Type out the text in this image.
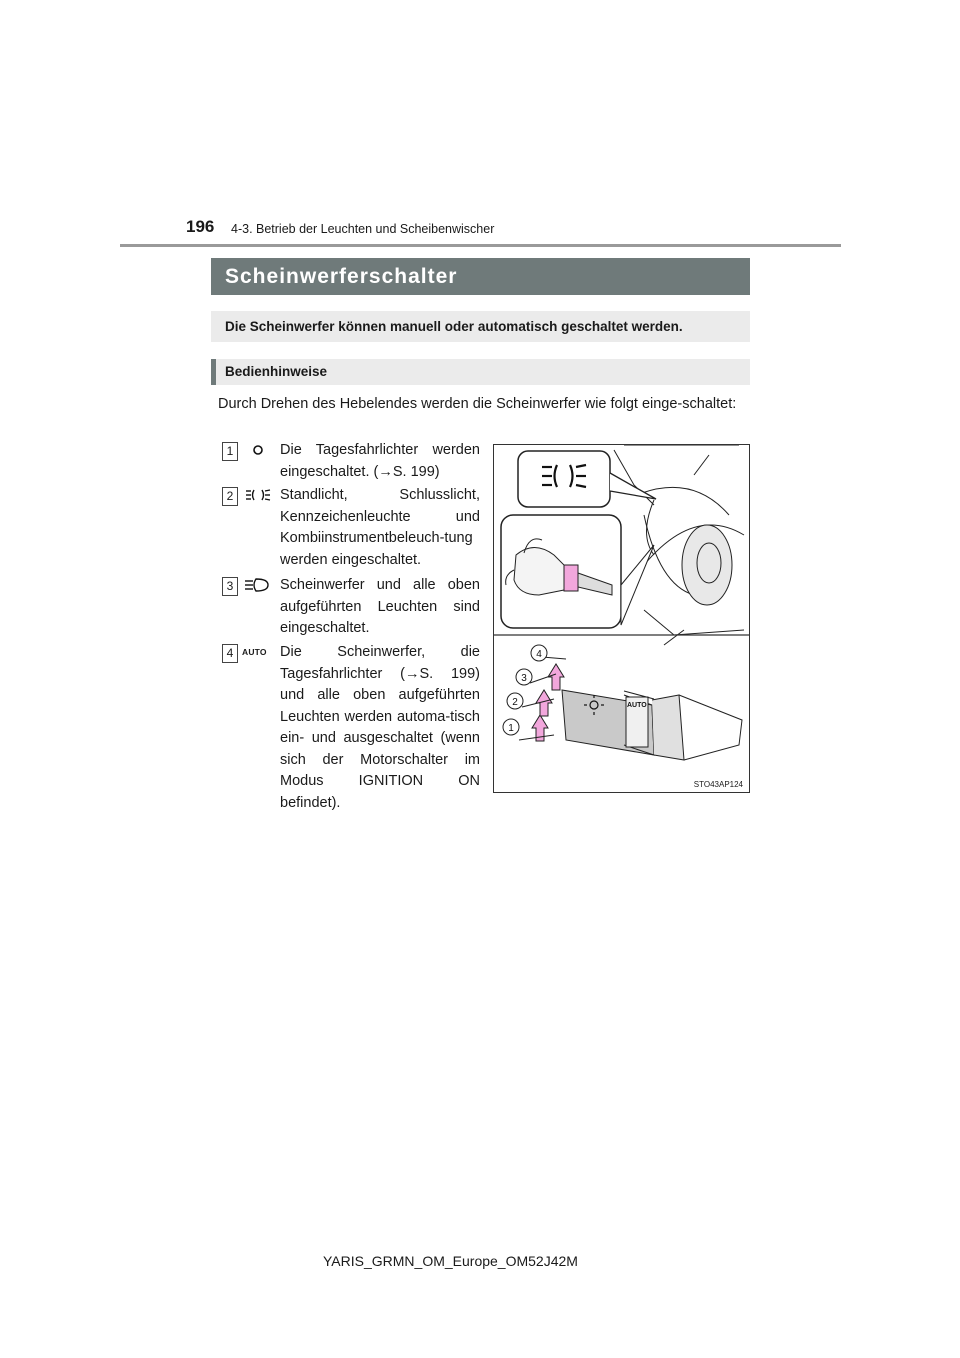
196 4-3. Betrieb der Leuchten und Scheibenwischer
Scheinwerferschalter
Die Scheinwerfer können manuell oder automatisch geschaltet werden.
Bedienhinweise
Durch Drehen des Hebelendes werden die Scheinwerfer wie folgt einge-schaltet:
1	Die Tagesfahrlichter werden eingeschaltet. (→S. 199)
2	Standlicht, Schlusslicht, Kennzeichenleuchte und Kombiinstrumentbeleuch-tung werden eingeschaltet.
3	Scheinwerfer und alle oben aufgeführten Leuchten sind eingeschaltet.
4	AUTO Die Scheinwerfer, die Tagesfahrlichter (→S. 199) und alle oben aufgeführten Leuchten werden automa-tisch ein- und ausgeschaltet (wenn sich der Motorschalter im Modus IGNITION ON befindet).
AUTO
1
2
3
4
STO43AP124
YARIS_GRMN_OM_Europe_OM52J42M
